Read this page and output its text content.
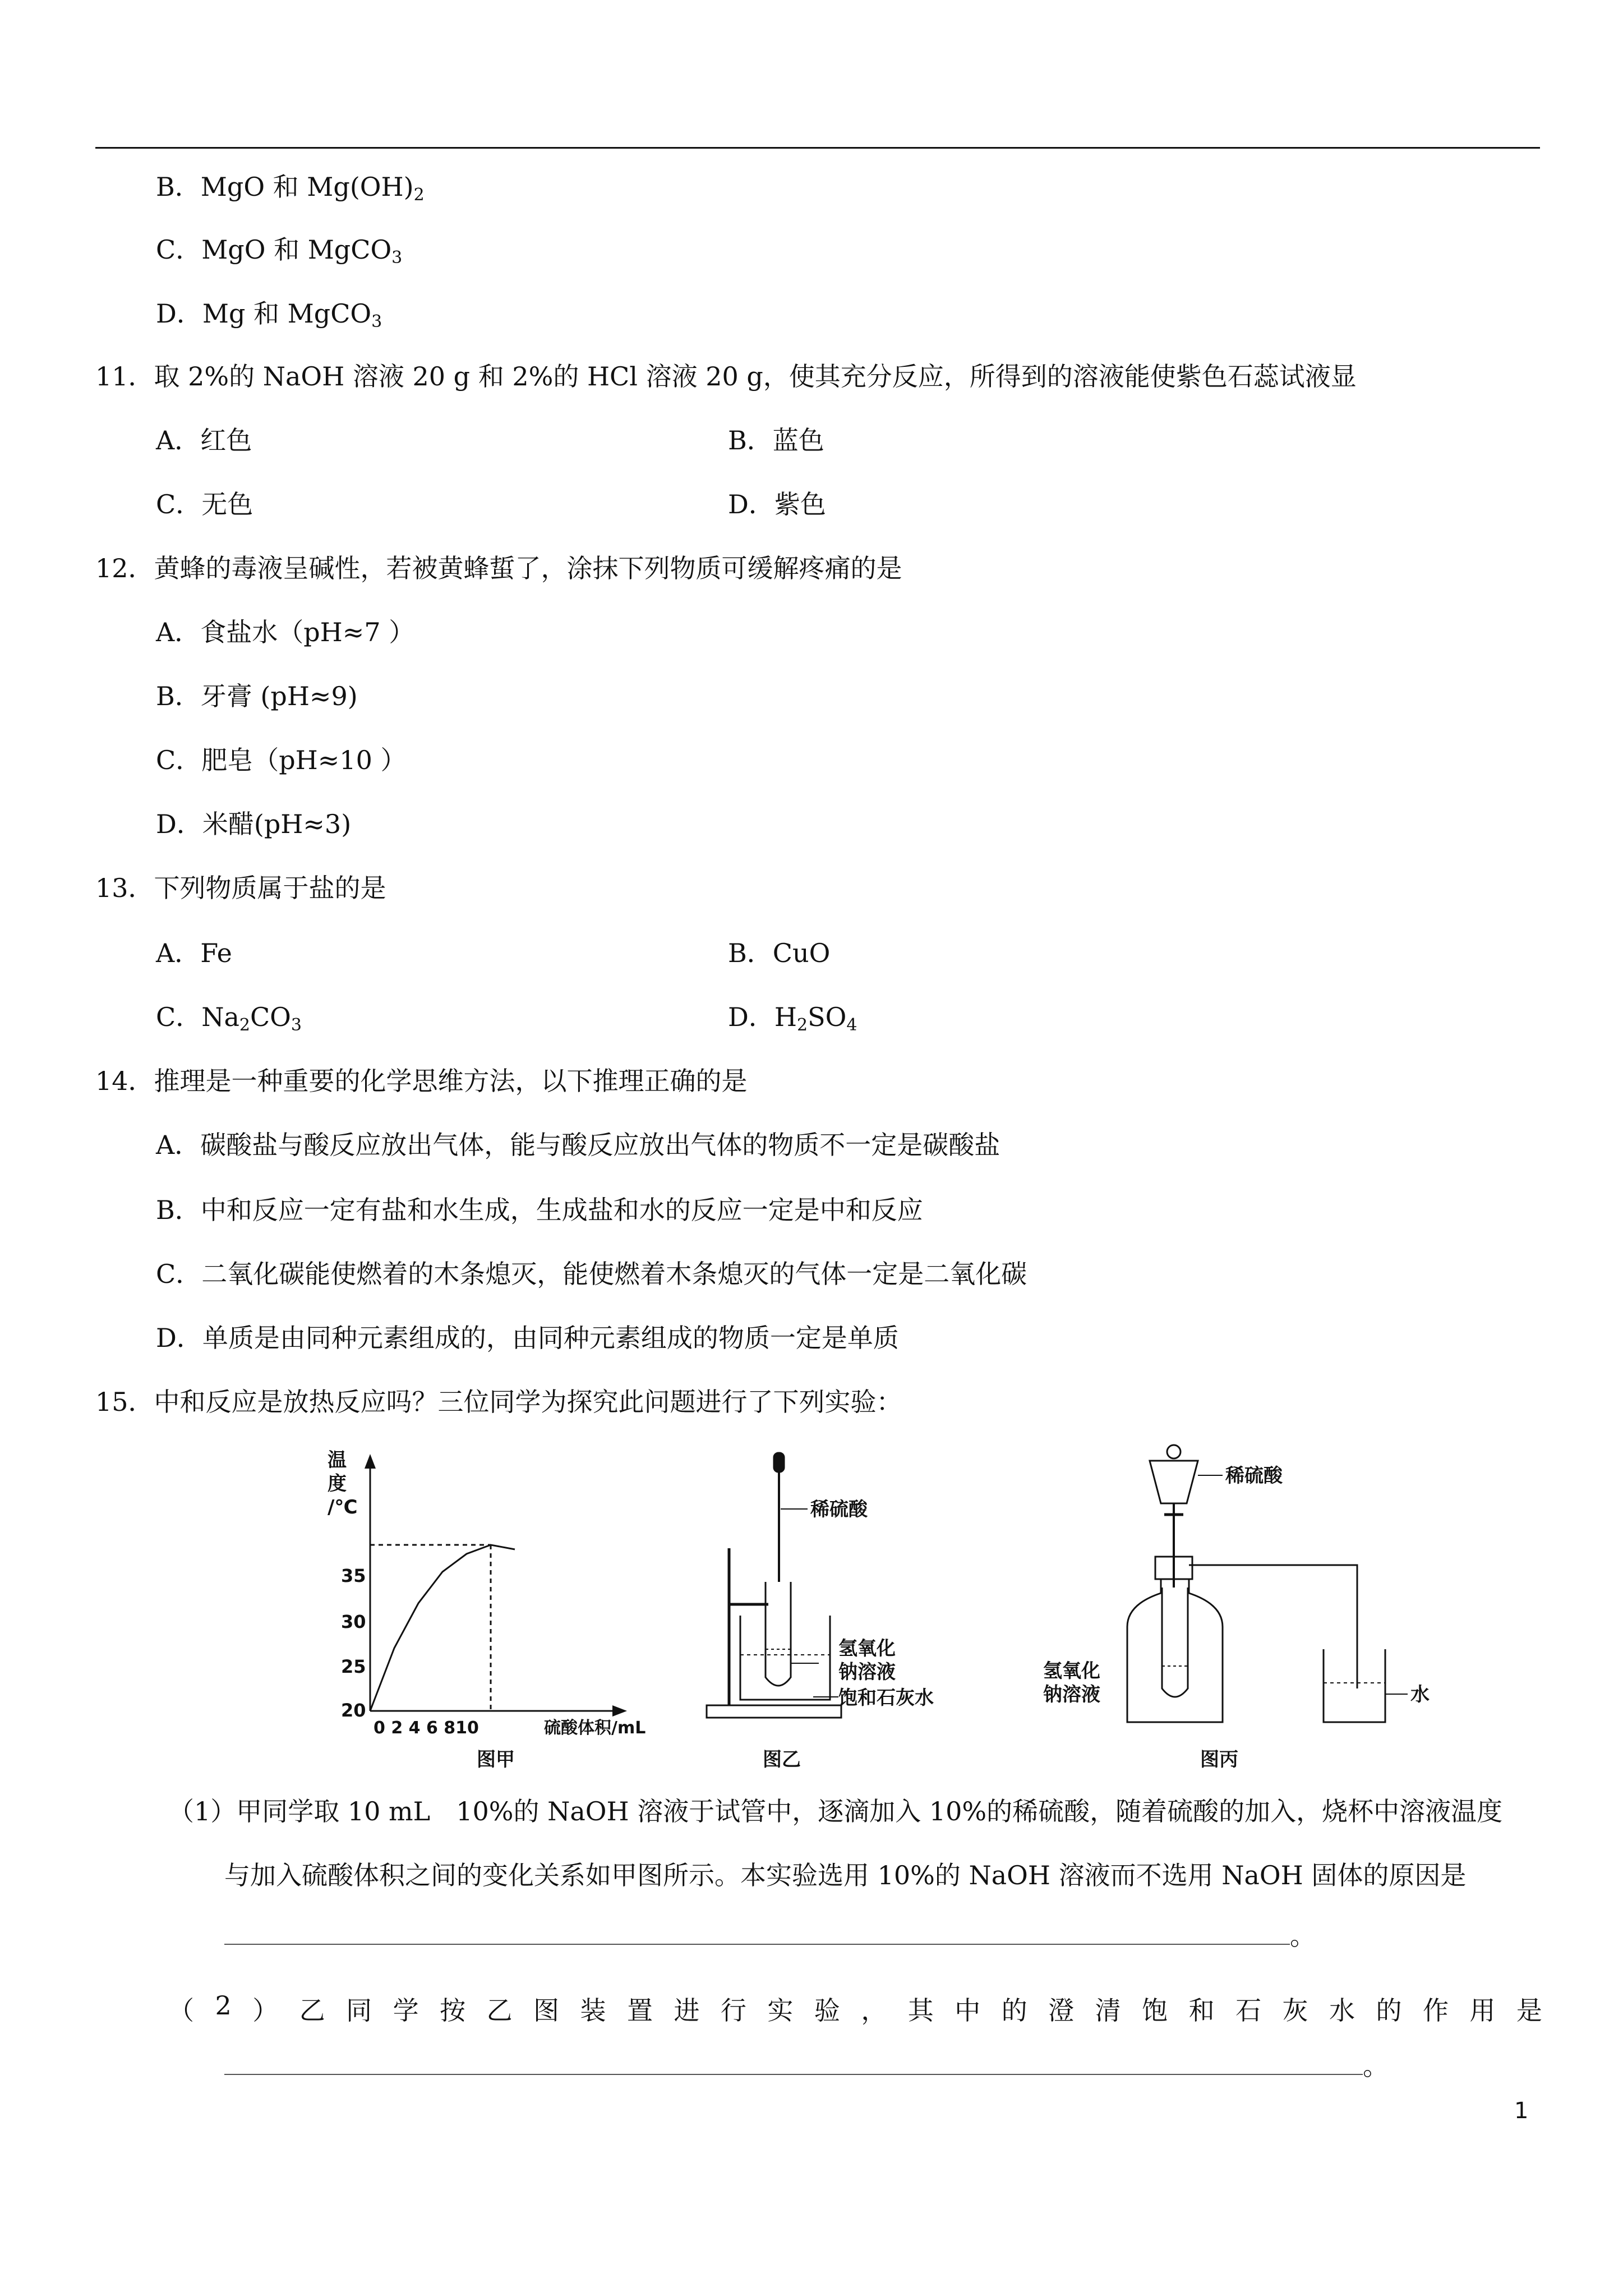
B．MgO 和 $Mg(OH)_2$
C．MgO 和 MgCO$_3$
D．Mg 和 MgCO$_3$
11．取 2%的 NaOH 溶液 20 g 和 2%的 HCl 溶液 20 g，使其充分反应，所得到的溶液能使紫色石蕊试液显
A．红色	B．蓝色
C．无色	D．紫色
12．黄蜂的毒液呈碱性，若被黄蜂蜇了，涂抹下列物质可缓解疼痛的是
A．食盐水（pH≈7 ）
B．牙膏 (pH≈9)
C．肥皂（pH≈10 ）
D．米醋(pH≈3)
13．下列物质属于盐的是
A．Fe	B．CuO
C．$Na_2CO_3$	D．$H_2SO_4$
14．推理是一种重要的化学思维方法，以下推理正确的是
A．碳酸盐与酸反应放出气体，能与酸反应放出气体的物质不一定是碳酸盐
B．中和反应一定有盐和水生成，生成盐和水的反应一定是中和反应
C．二氧化碳能使燃着的木条熄灭，能使燃着木条熄灭的气体一定是二氧化碳
D．单质是由同种元素组成的，由同种元素组成的物质一定是单质
15．中和反应是放热反应吗？三位同学为探究此问题进行了下列实验：
温
度
/℃
20
25
30
35
0 2 4 6 810	硫酸体积/mL
图甲
稀硫酸
氢氧化
钠溶液
饱和石灰水
图乙
稀硫酸
氢氧化
钠溶液	水
图丙
（1）甲同学取 10 mL　10%的 NaOH 溶液于试管中，逐滴加入 10%的稀硫酸，随着硫酸的加入，烧杯中溶液温度
与加入硫酸体积之间的变化关系如甲图所示。本实验选用 10%的 NaOH 溶液而不选用 NaOH 固体的原因是
。
（ 2 ） 乙 同 学 按 乙 图 装 置 进 行 实 验 ， 其 中 的 澄 清 饱 和 石 灰 水 的 作 用 是
。
1
